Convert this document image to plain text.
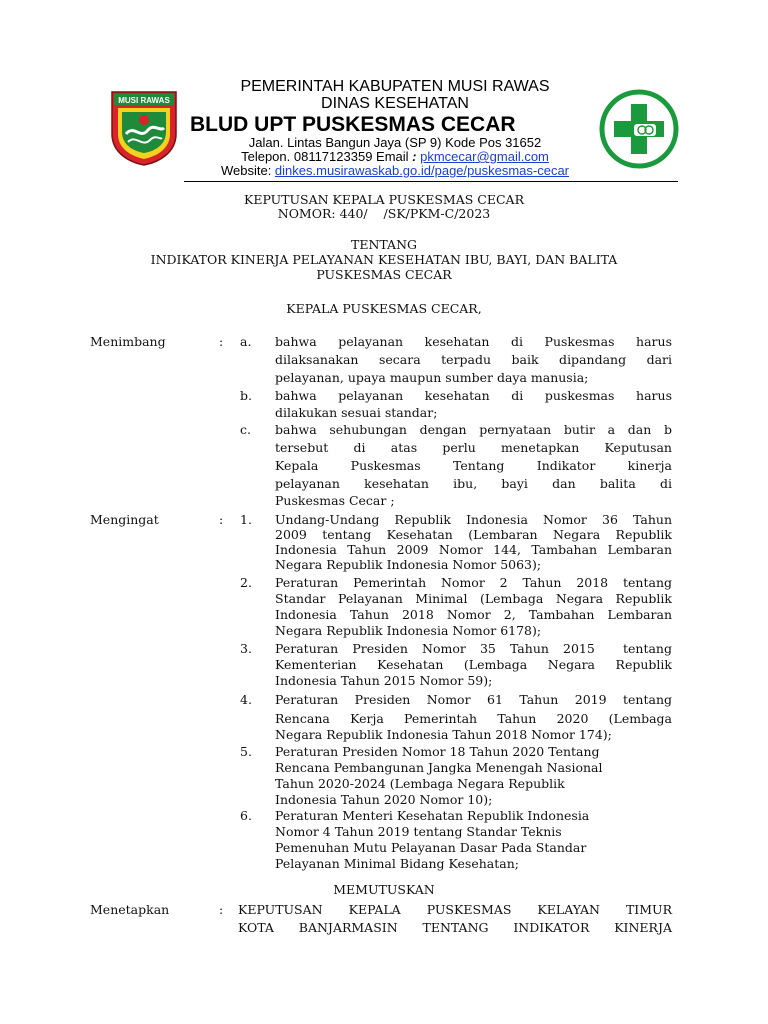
MUSI RAWAS
PEMERINTAH KABUPATEN MUSI RAWAS
DINAS KESEHATAN
BLUD UPT PUSKESMAS CECAR
Jalan. Lintas Bangun Jaya (SP 9) Kode Pos 31652
Telepon. 08117123359 Email : pkmcecar@gmail.com
Website: dinkes.musirawaskab.go.id/page/puskesmas-cecar
KEPUTUSAN KEPALA PUSKESMAS CECAR
NOMOR: 440/    /SK/PKM-C/2023
TENTANG
INDIKATOR KINERJA PELAYANAN KESEHATAN IBU, BAYI, DAN BALITA
PUSKESMAS CECAR
KEPALA PUSKESMAS CECAR,
Menimbang	: a. bahwa pelayanan kesehatan di Puskesmas harus
dilaksanakan secara terpadu baik dipandang dari
pelayanan, upaya maupun sumber daya manusia;
b. bahwa pelayanan kesehatan di puskesmas harus
dilakukan sesuai standar;
c. bahwa sehubungan dengan pernyataan butir a dan b
tersebut di atas perlu menetapkan Keputusan
Kepala Puskesmas Tentang Indikator kinerja
pelayanan kesehatan ibu, bayi dan balita di
Puskesmas Cecar ;
Mengingat	: 1. Undang-Undang Republik Indonesia Nomor 36 Tahun
2009 tentang Kesehatan (Lembaran Negara Republik
Indonesia Tahun 2009 Nomor 144, Tambahan Lembaran
Negara Republik Indonesia Nomor 5063);
2. Peraturan Pemerintah Nomor 2 Tahun 2018 tentang
Standar Pelayanan Minimal (Lembaga Negara Republik
Indonesia Tahun 2018 Nomor 2, Tambahan Lembaran
Negara Republik Indonesia Nomor 6178);
3. Peraturan Presiden Nomor 35 Tahun 2015  tentang
Kementerian Kesehatan (Lembaga Negara Republik
Indonesia Tahun 2015 Nomor 59);
4. Peraturan Presiden Nomor 61 Tahun 2019 tentang
Rencana Kerja Pemerintah Tahun 2020 (Lembaga
Negara Republik Indonesia Tahun 2018 Nomor 174);
5. Peraturan Presiden Nomor 18 Tahun 2020 Tentang
Rencana Pembangunan Jangka Menengah Nasional
Tahun 2020-2024 (Lembaga Negara Republik
Indonesia Tahun 2020 Nomor 10);
6. Peraturan Menteri Kesehatan Republik Indonesia
Nomor 4 Tahun 2019 tentang Standar Teknis
Pemenuhan Mutu Pelayanan Dasar Pada Standar
Pelayanan Minimal Bidang Kesehatan;
MEMUTUSKAN
Menetapkan	: KEPUTUSAN KEPALA PUSKESMAS KELAYAN TIMUR
KOTA BANJARMASIN TENTANG INDIKATOR KINERJA
